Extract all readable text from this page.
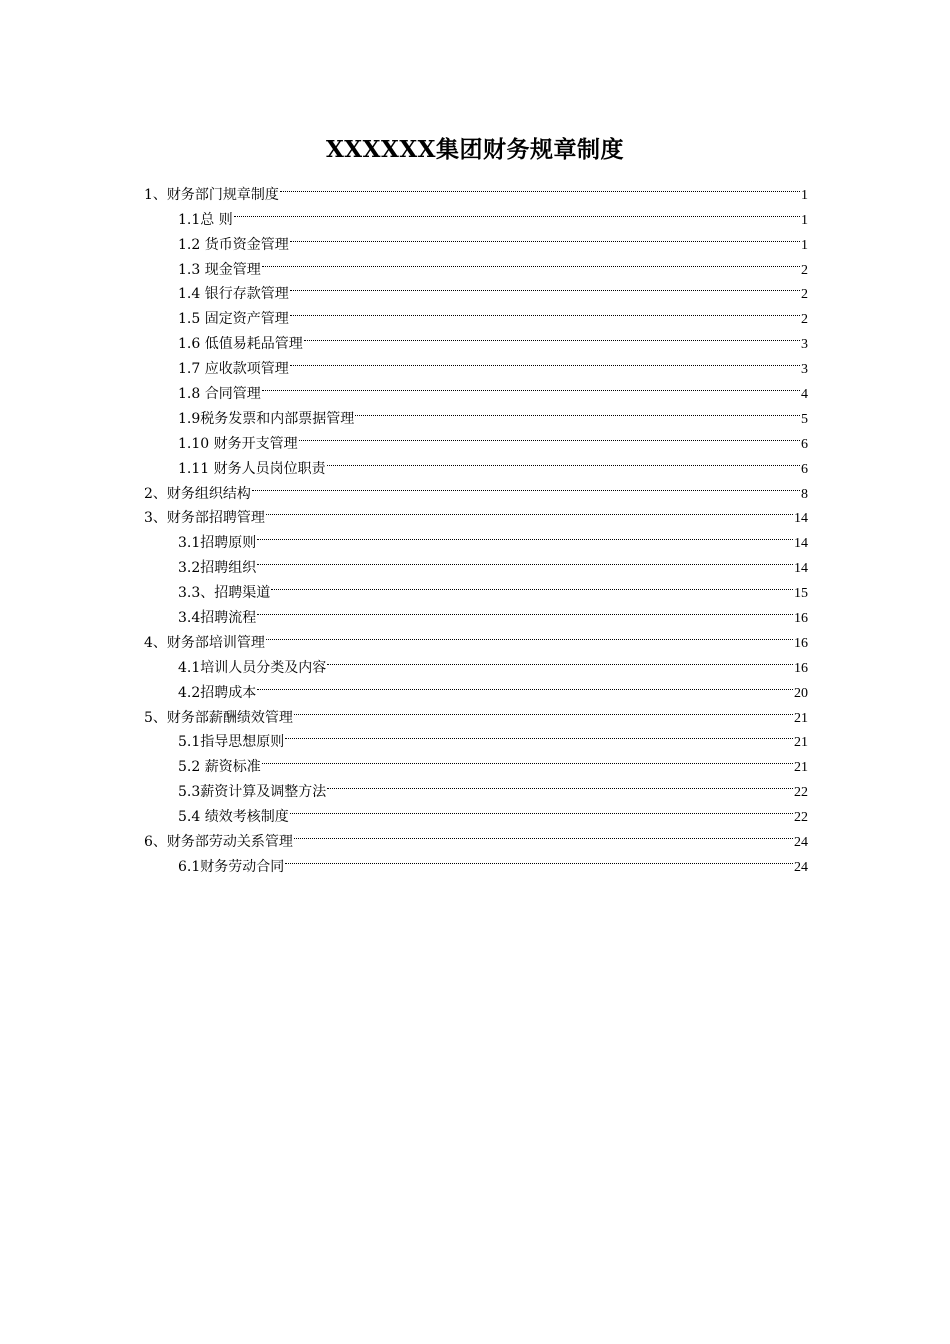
XXXXXX集团财务规章制度
1、财务部门规章制度	1
1.1总 则	1
1.2 货币资金管理	1
1.3 现金管理	2
1.4 银行存款管理	2
1.5 固定资产管理	2
1.6 低值易耗品管理	3
1.7 应收款项管理	3
1.8 合同管理	4
1.9税务发票和内部票据管理	5
1.10 财务开支管理	6
1.11 财务人员岗位职责	6
2、财务组织结构	8
3、财务部招聘管理	14
3.1招聘原则	14
3.2招聘组织	14
3.3、招聘渠道	15
3.4招聘流程	16
4、财务部培训管理	16
4.1培训人员分类及内容	16
4.2招聘成本	20
5、财务部薪酬绩效管理	21
5.1指导思想原则	21
5.2 薪资标准	21
5.3薪资计算及调整方法	22
5.4 绩效考核制度	22
6、财务部劳动关系管理	24
6.1财务劳动合同	24
